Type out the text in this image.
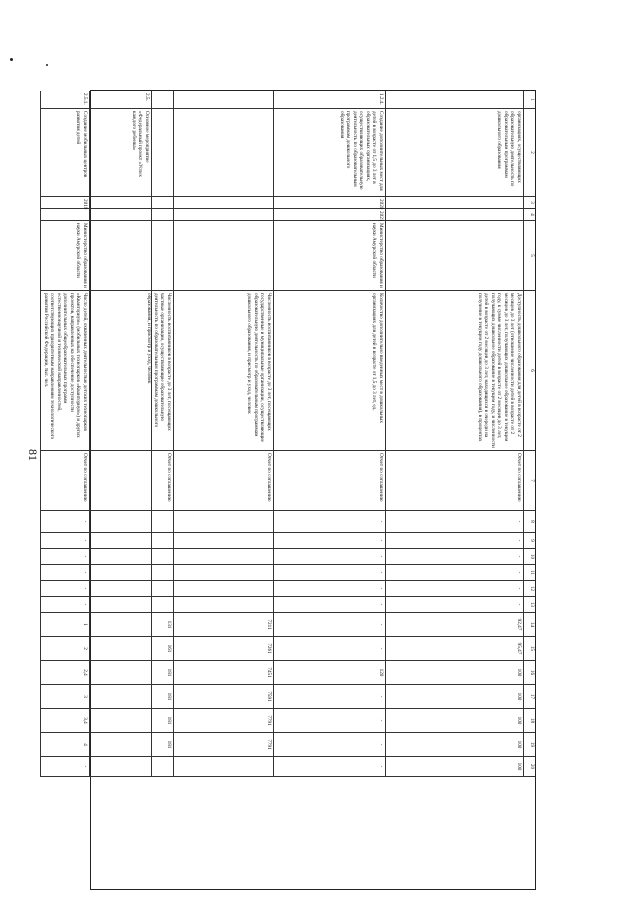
81
1
2
3
4
5
6
7
8
9
10
11
12
13
14
15
16
17
18
19
20
организациях, осуществляющих образовательную деятельность по образовательным программам дошкольного образования
Доступность дошкольного образования для детей в возрасте от 2 месяцев до 3 лет (отношение численности детей в возрасте от 2 месяцев до 3 лет, получающих дошкольное образование в текущем году, к сумме численности детей в возрасте от 2 месяцев до 3 лет, получающих дошкольное образование в текущем году, и численности детей в возрасте от 2 месяцев до 3 лет, находящихся в очереди на получение в текущем году дошкольного образования), в процентах
Отчет по соглашению
-
-
-
-
-
-
92,47
95,47
100
100
100
100
100
1.2.4.
Создание дополнительных мест для детей в возрасте от 1,5 до 3 лет в образовательных организациях, осуществляющих образовательную деятельность по образовательным программам дошкольного образования
2020
2021
Министерство образования и науки Амурской области
Количество дополнительно введенных мест в дошкольных организациях для детей в возрасте от 1,5 до 3 лет, ед.
Отчет по соглашению
-
-
-
-
-
-
-
-
120
-
-
-
-
Численность воспитанников в возрасте до 3 лет, посещающих государственные и муниципальные организации, осуществляющие образовательную деятельность по образовательным программам дошкольного образования, и присмотр и уход, человек
Отчет по соглашению
7211
7261
7451
7591
7791
7791
Численность воспитанников в возрасте до 3 лет, посещающих частные организации, осуществляющие образовательную деятельность по образовательным программам дошкольного образования, и присмотр и уход, человек
Отчет по соглашению
131
161
181
181
181
181
2.5.
Основное мероприятие «Федеральный проект «Успех каждого ребенка»
2.5.1.
Создание мобильных центров развития детей
2019
Министерство образования и науки Амурской области
Число детей, охваченных деятельностью детских технопарков «Кванториум» (мобильных технопарков «Кванториум») и других проектов, направленных на обеспечение доступности дополнительных общеобразовательных программ естественнонаучной и технической направленностей, соответствующих приоритетным направлениям технологического развития Российской Федерации, тыс. чел.
Отчет по соглашению
-
-
-
-
-
-
1
2
2,4
3
3,4
4
-
